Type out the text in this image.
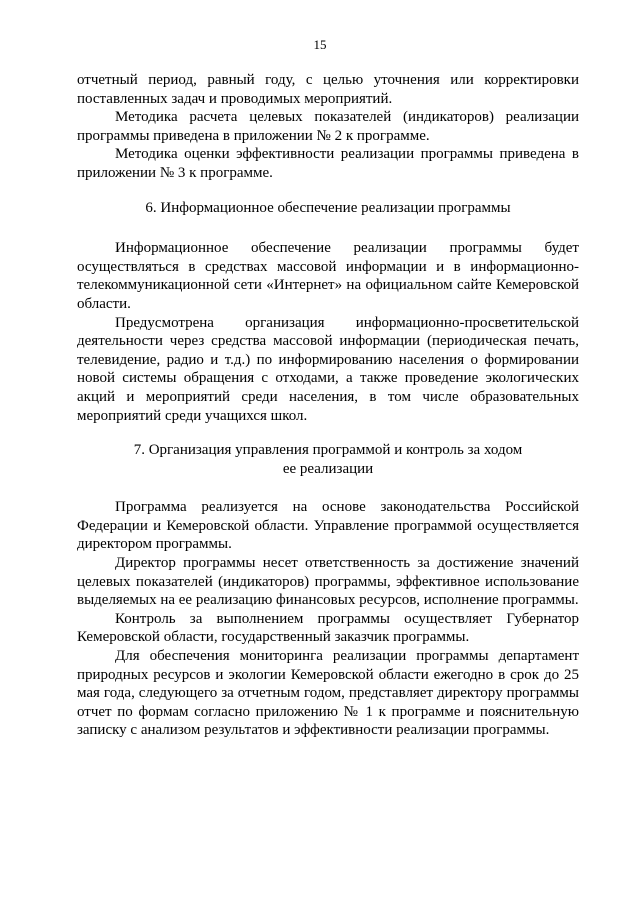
15

отчетный период, равный году, с целью уточнения или корректировки поставленных задач и проводимых мероприятий.

Методика расчета целевых показателей (индикаторов) реализации программы приведена в приложении № 2 к программе.

Методика оценки эффективности реализации программы приведена в приложении № 3 к программе.

6. Информационное обеспечение реализации программы

Информационное обеспечение реализации программы будет осуществляться в средствах массовой информации и в информационно-телекоммуникационной сети «Интернет» на официальном сайте Кемеровской области.

Предусмотрена организация информационно-просветительской деятельности через средства массовой информации (периодическая печать, телевидение, радио и т.д.) по информированию населения о формировании новой системы обращения с отходами, а также проведение экологических акций и мероприятий среди населения, в том числе образовательных мероприятий среди учащихся школ.

7. Организация управления программой и контроль за ходом

ее реализации

Программа реализуется на основе законодательства Российской Федерации и Кемеровской области. Управление программой осуществляется директором программы.

Директор программы несет ответственность за достижение значений целевых показателей (индикаторов) программы, эффективное использование выделяемых на ее реализацию финансовых ресурсов, исполнение программы.

Контроль за выполнением программы осуществляет Губернатор Кемеровской области, государственный заказчик программы.

Для обеспечения мониторинга реализации программы департамент природных ресурсов и экологии Кемеровской области ежегодно в срок до 25 мая года, следующего за отчетным годом, представляет директору программы отчет по формам согласно приложению № 1 к программе и пояснительную записку с анализом результатов и эффективности реализации программы.
